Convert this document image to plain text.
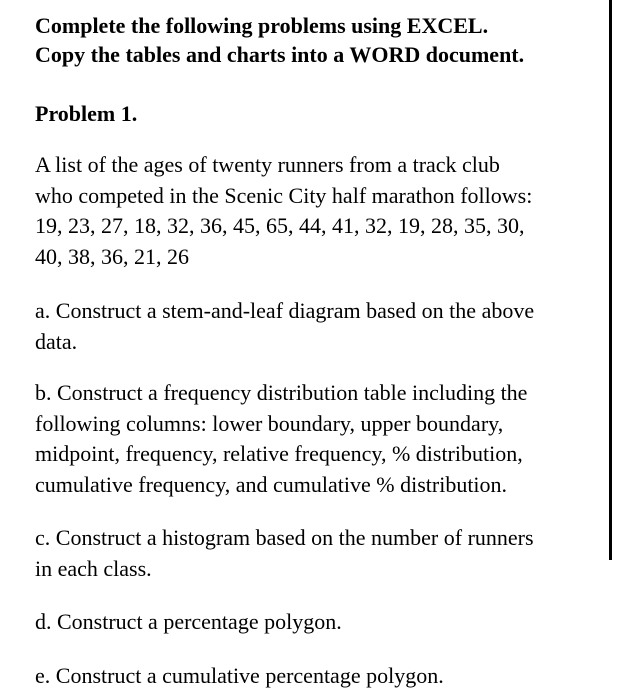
Complete the following problems using EXCEL.
Copy the tables and charts into a WORD document.
Problem 1.

A list of the ages of twenty runners from a track club
who competed in the Scenic City half marathon follows:
19, 23, 27, 18, 32, 36, 45, 65, 44, 41, 32, 19, 28, 35, 30,
40, 38, 36, 21, 26

a. Construct a stem-and-leaf diagram based on the above
data.

b. Construct a frequency distribution table including the
following columns: lower boundary, upper boundary,
midpoint, frequency, relative frequency, % distribution,
cumulative frequency, and cumulative % distribution.

c. Construct a histogram based on the number of runners
in each class.

d. Construct a percentage polygon.

e. Construct a cumulative percentage polygon.
